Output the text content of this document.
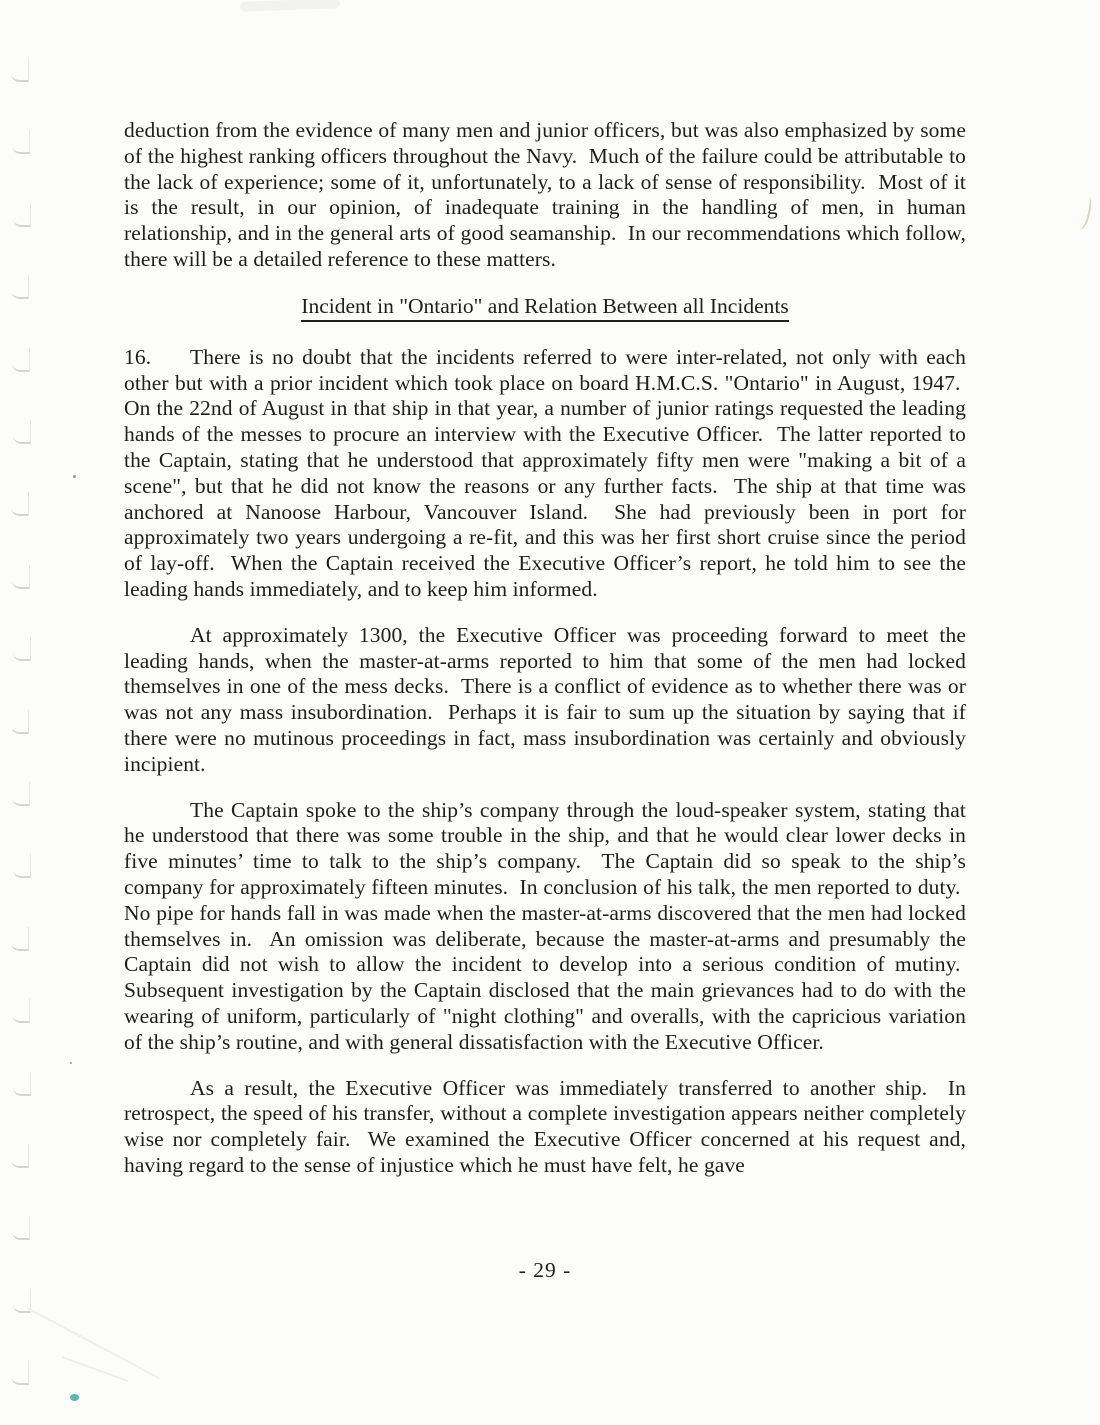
deduction from the evidence of many men and junior officers, but was also emphasized by some of the highest ranking officers throughout the Navy.  Much of the failure could be attributable to the lack of experience; some of it, unfortunately, to a lack of sense of responsibility.  Most of it is the result, in our opinion, of inadequate training in the handling of men, in human relationship, and in the general arts of good seamanship.  In our recommendations which follow, there will be a detailed reference to these matters.

Incident in "Ontario" and Relation Between all Incidents

16. There is no doubt that the incidents referred to were inter-related, not only with each other but with a prior incident which took place on board H.M.C.S. "Ontario" in August, 1947.  On the 22nd of August in that ship in that year, a number of junior ratings requested the leading hands of the messes to procure an interview with the Executive Officer.  The latter reported to the Captain, stating that he understood that approximately fifty men were "making a bit of a scene", but that he did not know the reasons or any further facts.  The ship at that time was anchored at Nanoose Harbour, Vancouver Island.  She had previously been in port for approximately two years undergoing a re-fit, and this was her first short cruise since the period of lay-off.  When the Captain received the Executive Officer’s report, he told him to see the leading hands immediately, and to keep him informed.

At approximately 1300, the Executive Officer was proceeding forward to meet the leading hands, when the master-at-arms reported to him that some of the men had locked themselves in one of the mess decks.  There is a conflict of evidence as to whether there was or was not any mass insubordination.  Perhaps it is fair to sum up the situation by saying that if there were no mutinous proceedings in fact, mass insubordination was certainly and obviously incipient.

The Captain spoke to the ship’s company through the loud-speaker system, stating that he understood that there was some trouble in the ship, and that he would clear lower decks in five minutes’ time to talk to the ship’s company.  The Captain did so speak to the ship’s company for approximately fifteen minutes.  In conclusion of his talk, the men reported to duty.  No pipe for hands fall in was made when the master-at-arms discovered that the men had locked themselves in.  An omission was deliberate, because the master-at-arms and presumably the Captain did not wish to allow the incident to develop into a serious condition of mutiny.  Subsequent investigation by the Captain disclosed that the main grievances had to do with the wearing of uniform, particularly of "night clothing" and overalls, with the capricious variation of the ship’s routine, and with general dissatisfaction with the Executive Officer.

As a result, the Executive Officer was immediately transferred to another ship.  In retrospect, the speed of his transfer, without a complete investigation appears neither completely wise nor completely fair.  We examined the Executive Officer concerned at his request and, having regard to the sense of injustice which he must have felt, he gave

- 29 -
